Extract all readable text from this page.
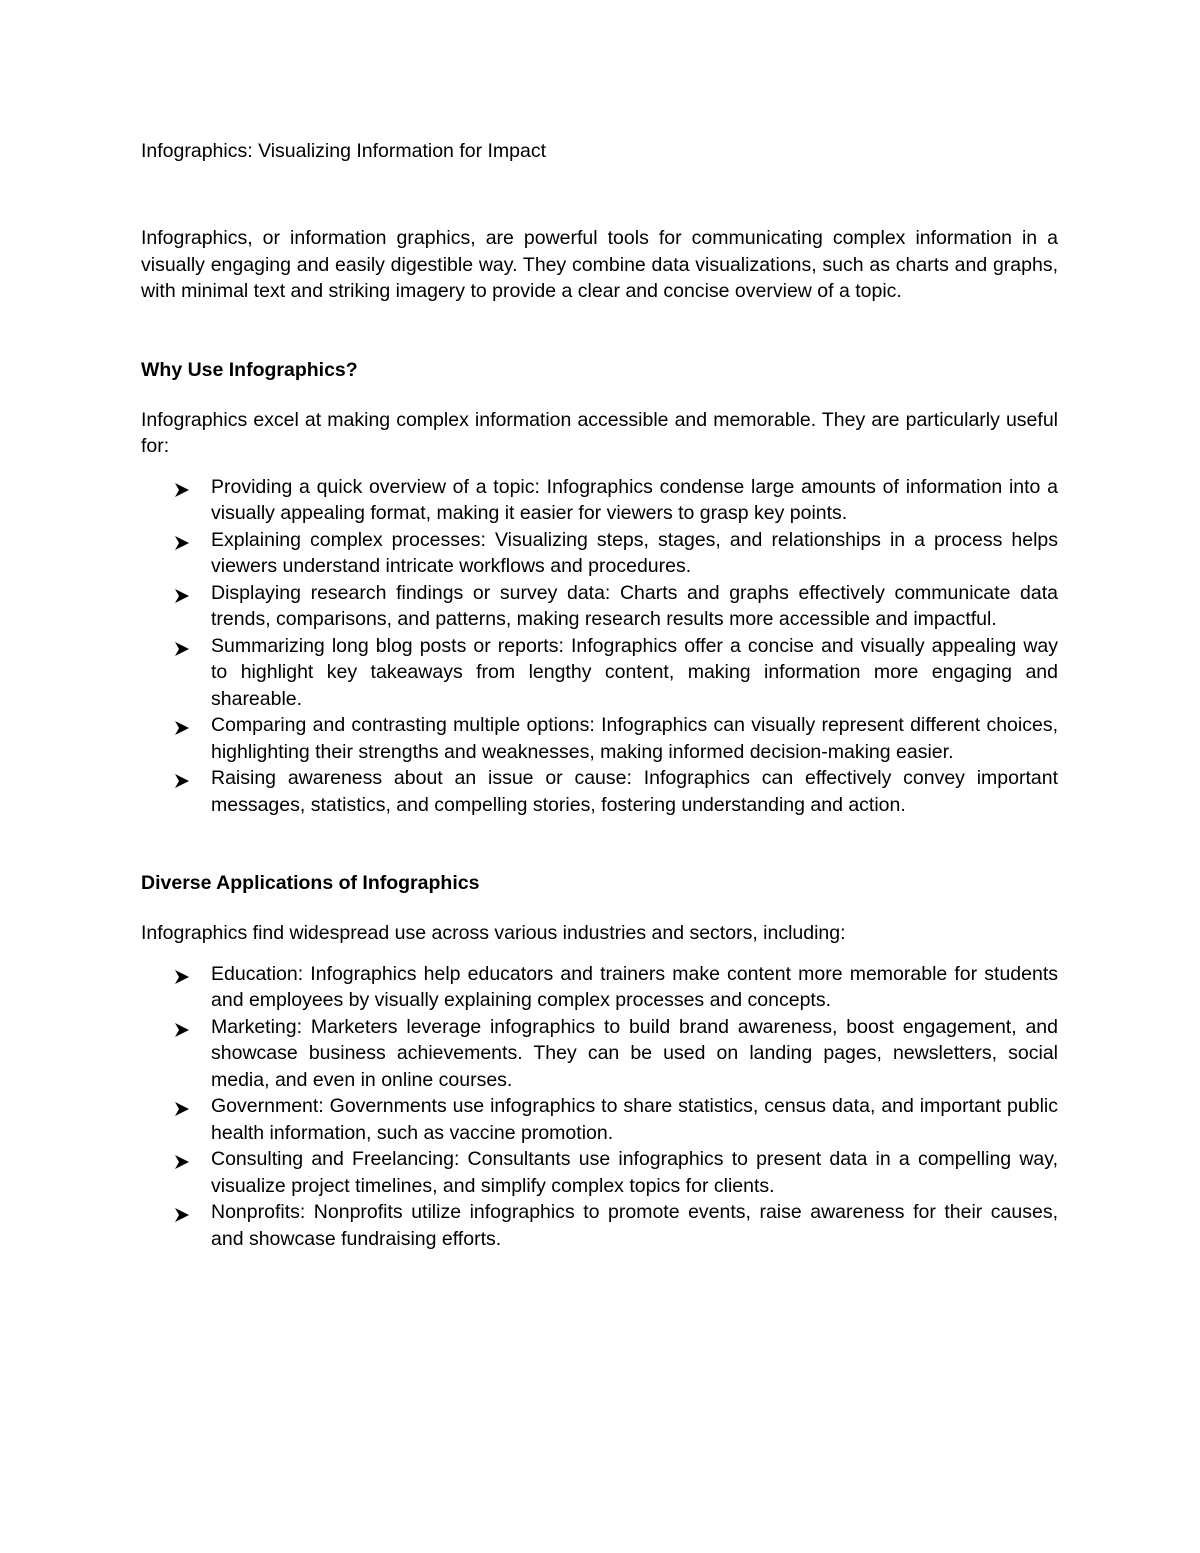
Infographics: Visualizing Information for Impact

Infographics, or information graphics, are powerful tools for communicating complex information in a visually engaging and easily digestible way. They combine data visualizations, such as charts and graphs, with minimal text and striking imagery to provide a clear and concise overview of a topic.

Why Use Infographics?

Infographics excel at making complex information accessible and memorable. They are particularly useful for:

Providing a quick overview of a topic: Infographics condense large amounts of information into a visually appealing format, making it easier for viewers to grasp key points.
Explaining complex processes: Visualizing steps, stages, and relationships in a process helps viewers understand intricate workflows and procedures.
Displaying research findings or survey data: Charts and graphs effectively communicate data trends, comparisons, and patterns, making research results more accessible and impactful.
Summarizing long blog posts or reports: Infographics offer a concise and visually appealing way to highlight key takeaways from lengthy content, making information more engaging and shareable.
Comparing and contrasting multiple options: Infographics can visually represent different choices, highlighting their strengths and weaknesses, making informed decision-making easier.
Raising awareness about an issue or cause: Infographics can effectively convey important messages, statistics, and compelling stories, fostering understanding and action.
Diverse Applications of Infographics

Infographics find widespread use across various industries and sectors, including:

Education: Infographics help educators and trainers make content more memorable for students and employees by visually explaining complex processes and concepts.
Marketing: Marketers leverage infographics to build brand awareness, boost engagement, and showcase business achievements. They can be used on landing pages, newsletters, social media, and even in online courses.
Government: Governments use infographics to share statistics, census data, and important public health information, such as vaccine promotion.
Consulting and Freelancing: Consultants use infographics to present data in a compelling way, visualize project timelines, and simplify complex topics for clients.
Nonprofits: Nonprofits utilize infographics to promote events, raise awareness for their causes, and showcase fundraising efforts.
